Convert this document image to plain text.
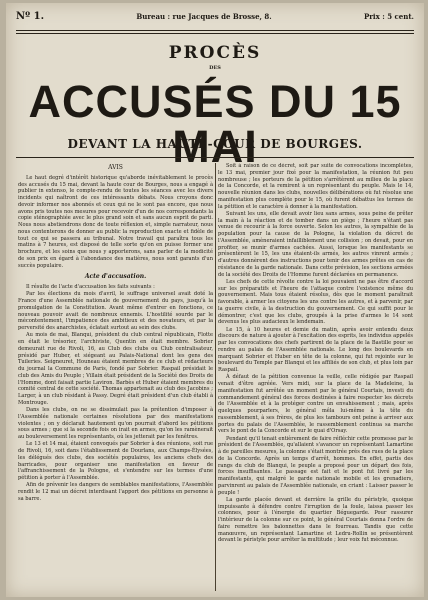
Nº 1.	Bureau : rue Jacques de Brosse, 8.	Prix : 5 cent.
PROCÈS
DES
ACCUSÉS DU 15 MAI
DEVANT LA HAUTE-COUR DE BOURGES.

AVIS

Le haut degré d'intérêt historique qu'aborde inévitablement le procès des accusés du 15 mai, devant la haute cour de Bourges, nous a engagé à publier in extenso, le compte-rendu de toutes les séances avec les divers incidents qui naîtront de ces intéressants débats. Nous croyons donc devoir informer nos abonnés et ceux qui ne le sont pas encore, que nous avons pris toutes nos mesures pour recevoir d'un de nos correspondants la copie sténographiée avec le plus grand soin et sans aucun esprit de parti. Nous nous abstiendrons donc de toute réflexion et, simple narrateur, nous nous contenterons de donner au public la reproduction exacte et fidèle de tout ce qui se passera au tribunal. Notre travail qui paraîtra tous les matins à 7 heures, est disposé de telle sorte qu'on en puisse former une brochure, et les soins que nous y apporterons, sans parler de la modicité de son prix en égard à l'abondance des matières, nous sont garants d'un succès populaire.

Acte d'accusation.

Il résulte de l'acte d'accusation les faits suivants :

Par les élections du mois d'avril, le suffrage universel avait doté la France d'une Assemblée nationale de gouvernement du pays, jusqu'à la promulgation de la Constitution. Avant même d'entrer en fonctions, ce nouveau pouvoir avait de nombreux ennemis. L'hostilité sourde par le mécontentement, l'impatience des ambitieux et des novateurs, et par la perversité des anarchistes, éclatait surtout au sein des clubs.

Au mois de mai, Blanqui, président du club central républicain, Flotte en était le trésorier, l'archiviste, Quentin en était membre. Sobrier demeurait rue de Rivoli, 16, au Club des clubs ou Club centralisateur, présidé par Huber, et siégeant au Palais-National dont les gens des Tuileries. Seigneuret, Houneau étaient membres de ce club et rédacteurs du journal la Commune de Paris, fondé par Sobrier. Raspail présidait le club des Amis du Peuple ; Villain était président de la Société des Droits de l'Homme, dont faisait partie Laviron. Barbès et Huber étaient membres du comité central de cette société. Thomas appartenait au club des Jacobins ; Larger, à un club résidant à Passy. Degré était président d'un club établi à Montrouge.

Dans les clubs, on ne se dissimulait pas la prétention d'imposer à l'Assemblée nationale certaines résolutions par des manifestations violentes ; on y déclarait hautement qu'on pourrait d'abord les pétitions sous armes ; que si la seconde fois on irait en armes, qu'on les ramènerait au bouleversement les représentants, où les jetterait par les fenêtres.

Le 13 et 14 mai, étaient convoqués par Sobrier à des réunions, soit rue de Rivoli, 16, soit dans l'établissement de Dourlans, aux Champs-Élysées, les délégués des clubs, des sociétés populaires, les anciens chefs des barricades, pour organiser une manifestation en faveur de l'affranchissement de la Pologne, et s'entendre sur les termes d'une pétition à porter à l'Assemblée.

Afin de prévenir les dangers de semblables manifestations, l'Assemblée rendit le 12 mai un décret interdisant l'apport des pétitions en personne à sa barre.

Soit à raison de ce décret, soit par suite de convocations incomplètes, le 13 mai, premier jour fixé pour la manifestation, la réunion fut peu nombreuse ; les porteurs de la pétition s'arrêtèrent au milieu de la place de la Concorde, et la remirent à un représentant du peuple. Mais le 14, nouvelle réunion dans les clubs, nouvelles délibérations où fut résolue une manifestation plus complète pour le 15, où furent débattus les termes de la pétition et le caractère à donner à la manifestation.

Suivant les uns, elle devait avoir lieu sans armes, sous peine de prêter la main à la réaction et de tomber dans un piège ; l'heure n'étant pas venue de recourir à la force ouverte. Selon les autres, la sympathie de la population pour la cause de la Pologne, la violation du décret de l'Assemblée, amèneraient infailliblement une collision ; on devait, pour en profiter, se munir d'armes cachées. Aussi, lorsque les manifestants se présentèrent le 15, les uns étaient-ils armés, les autres vinrent armés ; d'autres donnèrent des instructions pour tenir des armes prêtes en cas de résistance de la garde nationale. Dans cette prévision, les sections armées de la société des Droits de l'Homme furent déclarées en permanence.

Les chefs de cette révolte contre la loi pouvaient ne pas être d'accord sur les préparatifs et l'heure de l'attaque contre l'existence même du gouvernement. Mais tous étaient résolus, dès que le moment paraîtrait favorable, à armer les citoyens les uns contre les autres, et à parvenir, par la guerre civile, à la destruction du gouvernement. Ce qui suffit pour le démontrer, c'est que les clubs, groupés à la prise d'armes le 14 sont devenus les plus audacieux le lendemain.

Le 15, à 10 heures et demie du matin, après avoir entendu deux discours de nature à ajouter à l'excitation des esprits, les individus appelés par les convocations des chefs partirent de la place de la Bastille pour se rendre au palais de l'Assemblée nationale. Le long des boulevards en marquant Sobrier et Huber en tête de la colonne, qui fut rejointe sur le boulevard du Temple par Blanqui et les affiliés de son club, et plus loin par Raspail.

À défaut de la pétition convenue la veille, celle rédigée par Raspail venait d'être agréée. Vers midi, sur la place de la Madeleine, la manifestation fut arrêtée un moment par le général Courtais, investi du commandement général des forces destinées à faire respecter les décrets de l'Assemblée et à la protéger contre un envahissement ; mais, après quelques pourparlers, le général mêla lui-même à la tête du rassemblement, à ses frères, de plus les tambours ont peine à arriver aux portes du palais de l'Assemblée, le rassemblement continua sa marche vers le pont de la Concorde et sur le quai d'Orsay.

Pendant qu'il tenait entièrement de faire réfléchir cette promesse par le président de l'Assemblée, qu'allaient s'avancer un représentant Lamartine à de pareilles mesures, la colonne s'était montrée près des rues de la place de la Concorde. Après un temps d'arrêt, hommes. En effet, partis des rangs du club de Blanqui, le peuple a proposé pour un départ des fois, forces insuffisantes. Le passage est fait et le pont fut livré par les manifestants, qui malgré le garde nationale mobile et les grenadiers, parvinrent au palais de l'Assemblée nationale, en criant : Laisser passer le peuple !

La garde placée devant et derrière la grille du péristyle, quoique impuissante à défendre contre l'irruption de la foule, laissa passer les colonnes, pour à l'énergie du quartier Béguegarde. Pour rassurer l'intérieur de la colonne sur ce point, le général Courtais donna l'ordre de faire remettre les baïonnettes dans le fourreau. Tandis que cette manœuvre, un représentant Lamartine et Ledru-Rollin se présentèrent devant le péristyle pour arrêter la multitude ; leur voix fut méconnue.
